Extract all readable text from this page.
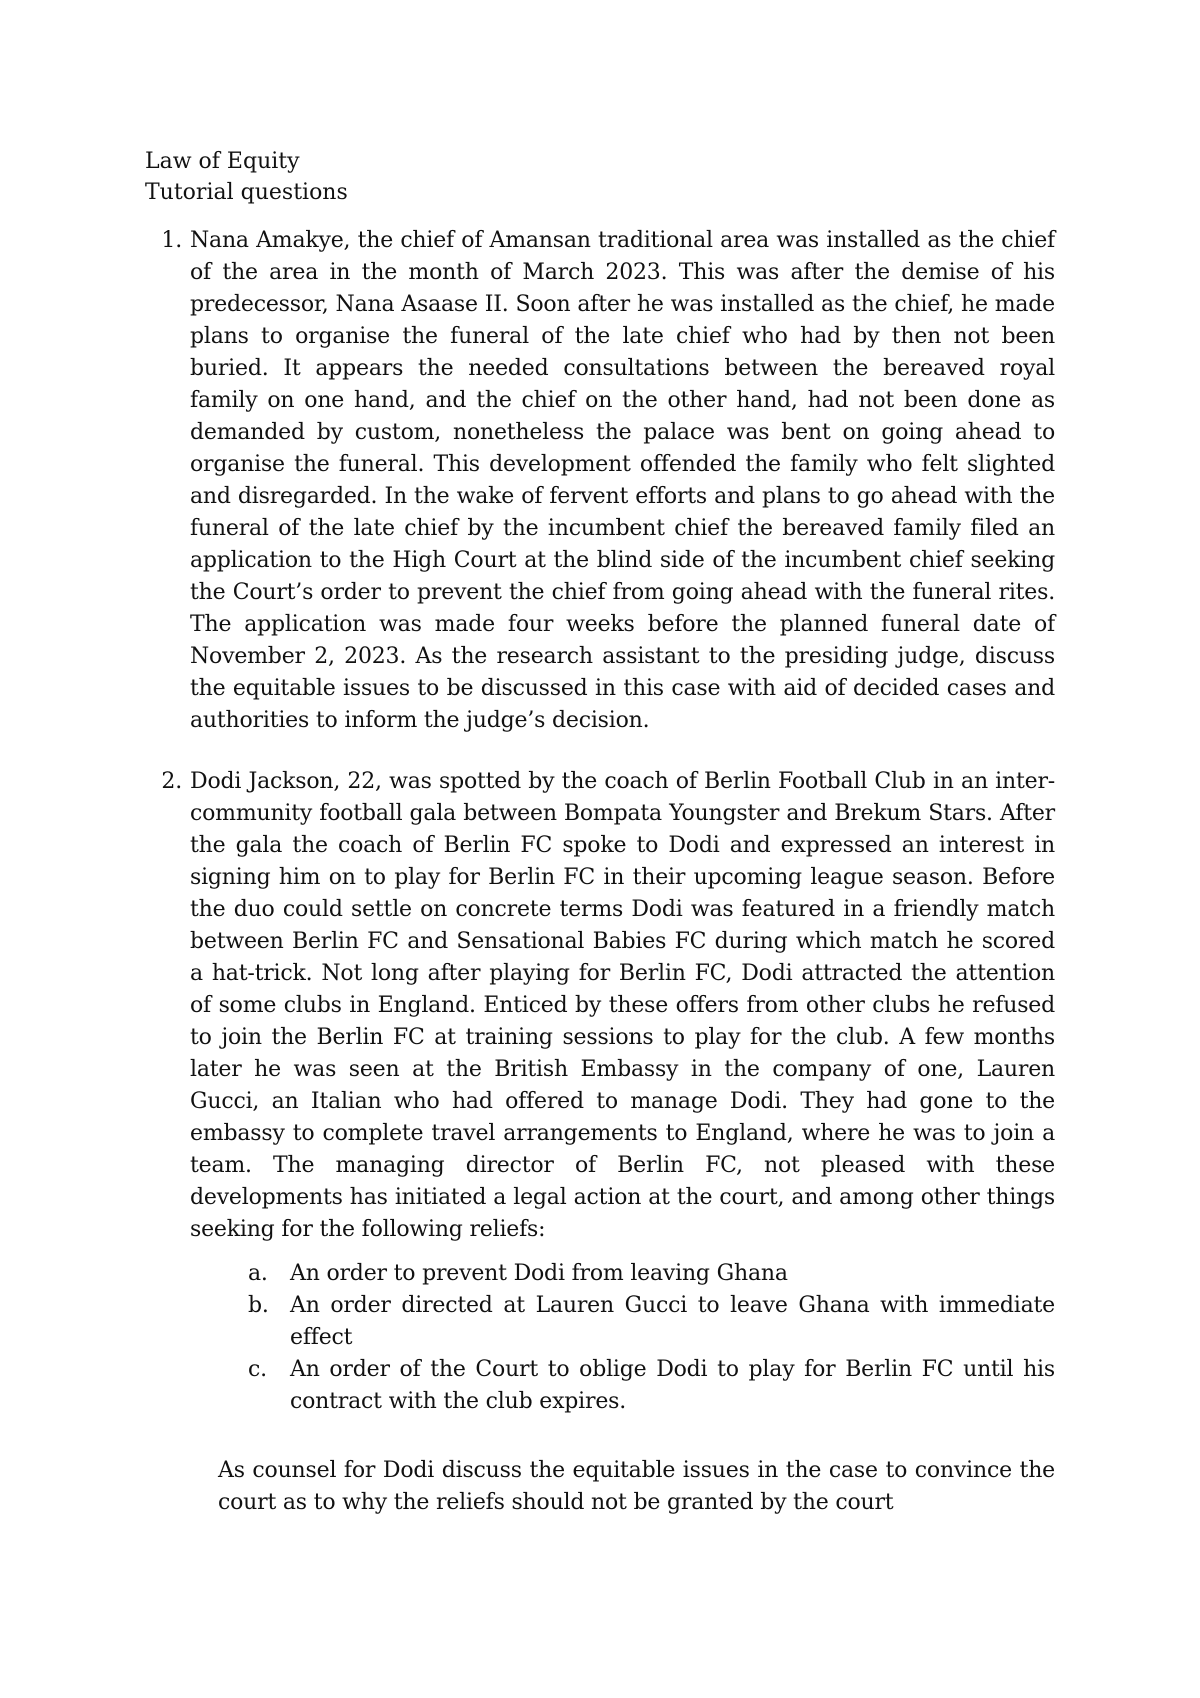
Law of Equity
Tutorial questions
1. Nana Amakye, the chief of Amansan traditional area was installed as the chief of the area in the month of March 2023. This was after the demise of his predecessor, Nana Asaase II. Soon after he was installed as the chief, he made plans to organise the funeral of the late chief who had by then not been buried. It appears the needed consultations between the bereaved royal family on one hand, and the chief on the other hand, had not been done as demanded by custom, nonetheless the palace was bent on going ahead to organise the funeral. This development offended the family who felt slighted and disregarded. In the wake of fervent efforts and plans to go ahead with the funeral of the late chief by the incumbent chief the bereaved family filed an application to the High Court at the blind side of the incumbent chief seeking the Court’s order to prevent the chief from going ahead with the funeral rites. The application was made four weeks before the planned funeral date of November 2, 2023. As the research assistant to the presiding judge, discuss the equitable issues to be discussed in this case with aid of decided cases and authorities to inform the judge’s decision.
2. Dodi Jackson, 22, was spotted by the coach of Berlin Football Club in an inter-community football gala between Bompata Youngster and Brekum Stars. After the gala the coach of Berlin FC spoke to Dodi and expressed an interest in signing him on to play for Berlin FC in their upcoming league season. Before the duo could settle on concrete terms Dodi was featured in a friendly match between Berlin FC and Sensational Babies FC during which match he scored a hat-trick. Not long after playing for Berlin FC, Dodi attracted the attention of some clubs in England. Enticed by these offers from other clubs he refused to join the Berlin FC at training sessions to play for the club. A few months later he was seen at the British Embassy in the company of one, Lauren Gucci, an Italian who had offered to manage Dodi. They had gone to the embassy to complete travel arrangements to England, where he was to join a team. The managing director of Berlin FC, not pleased with these developments has initiated a legal action at the court, and among other things seeking for the following reliefs:
a.	An order to prevent Dodi from leaving Ghana
b. An order directed at Lauren Gucci to leave Ghana with immediate effect
c.	An order of the Court to oblige Dodi to play for Berlin FC until his contract with the club expires.
As counsel for Dodi discuss the equitable issues in the case to convince the court as to why the reliefs should not be granted by the court
